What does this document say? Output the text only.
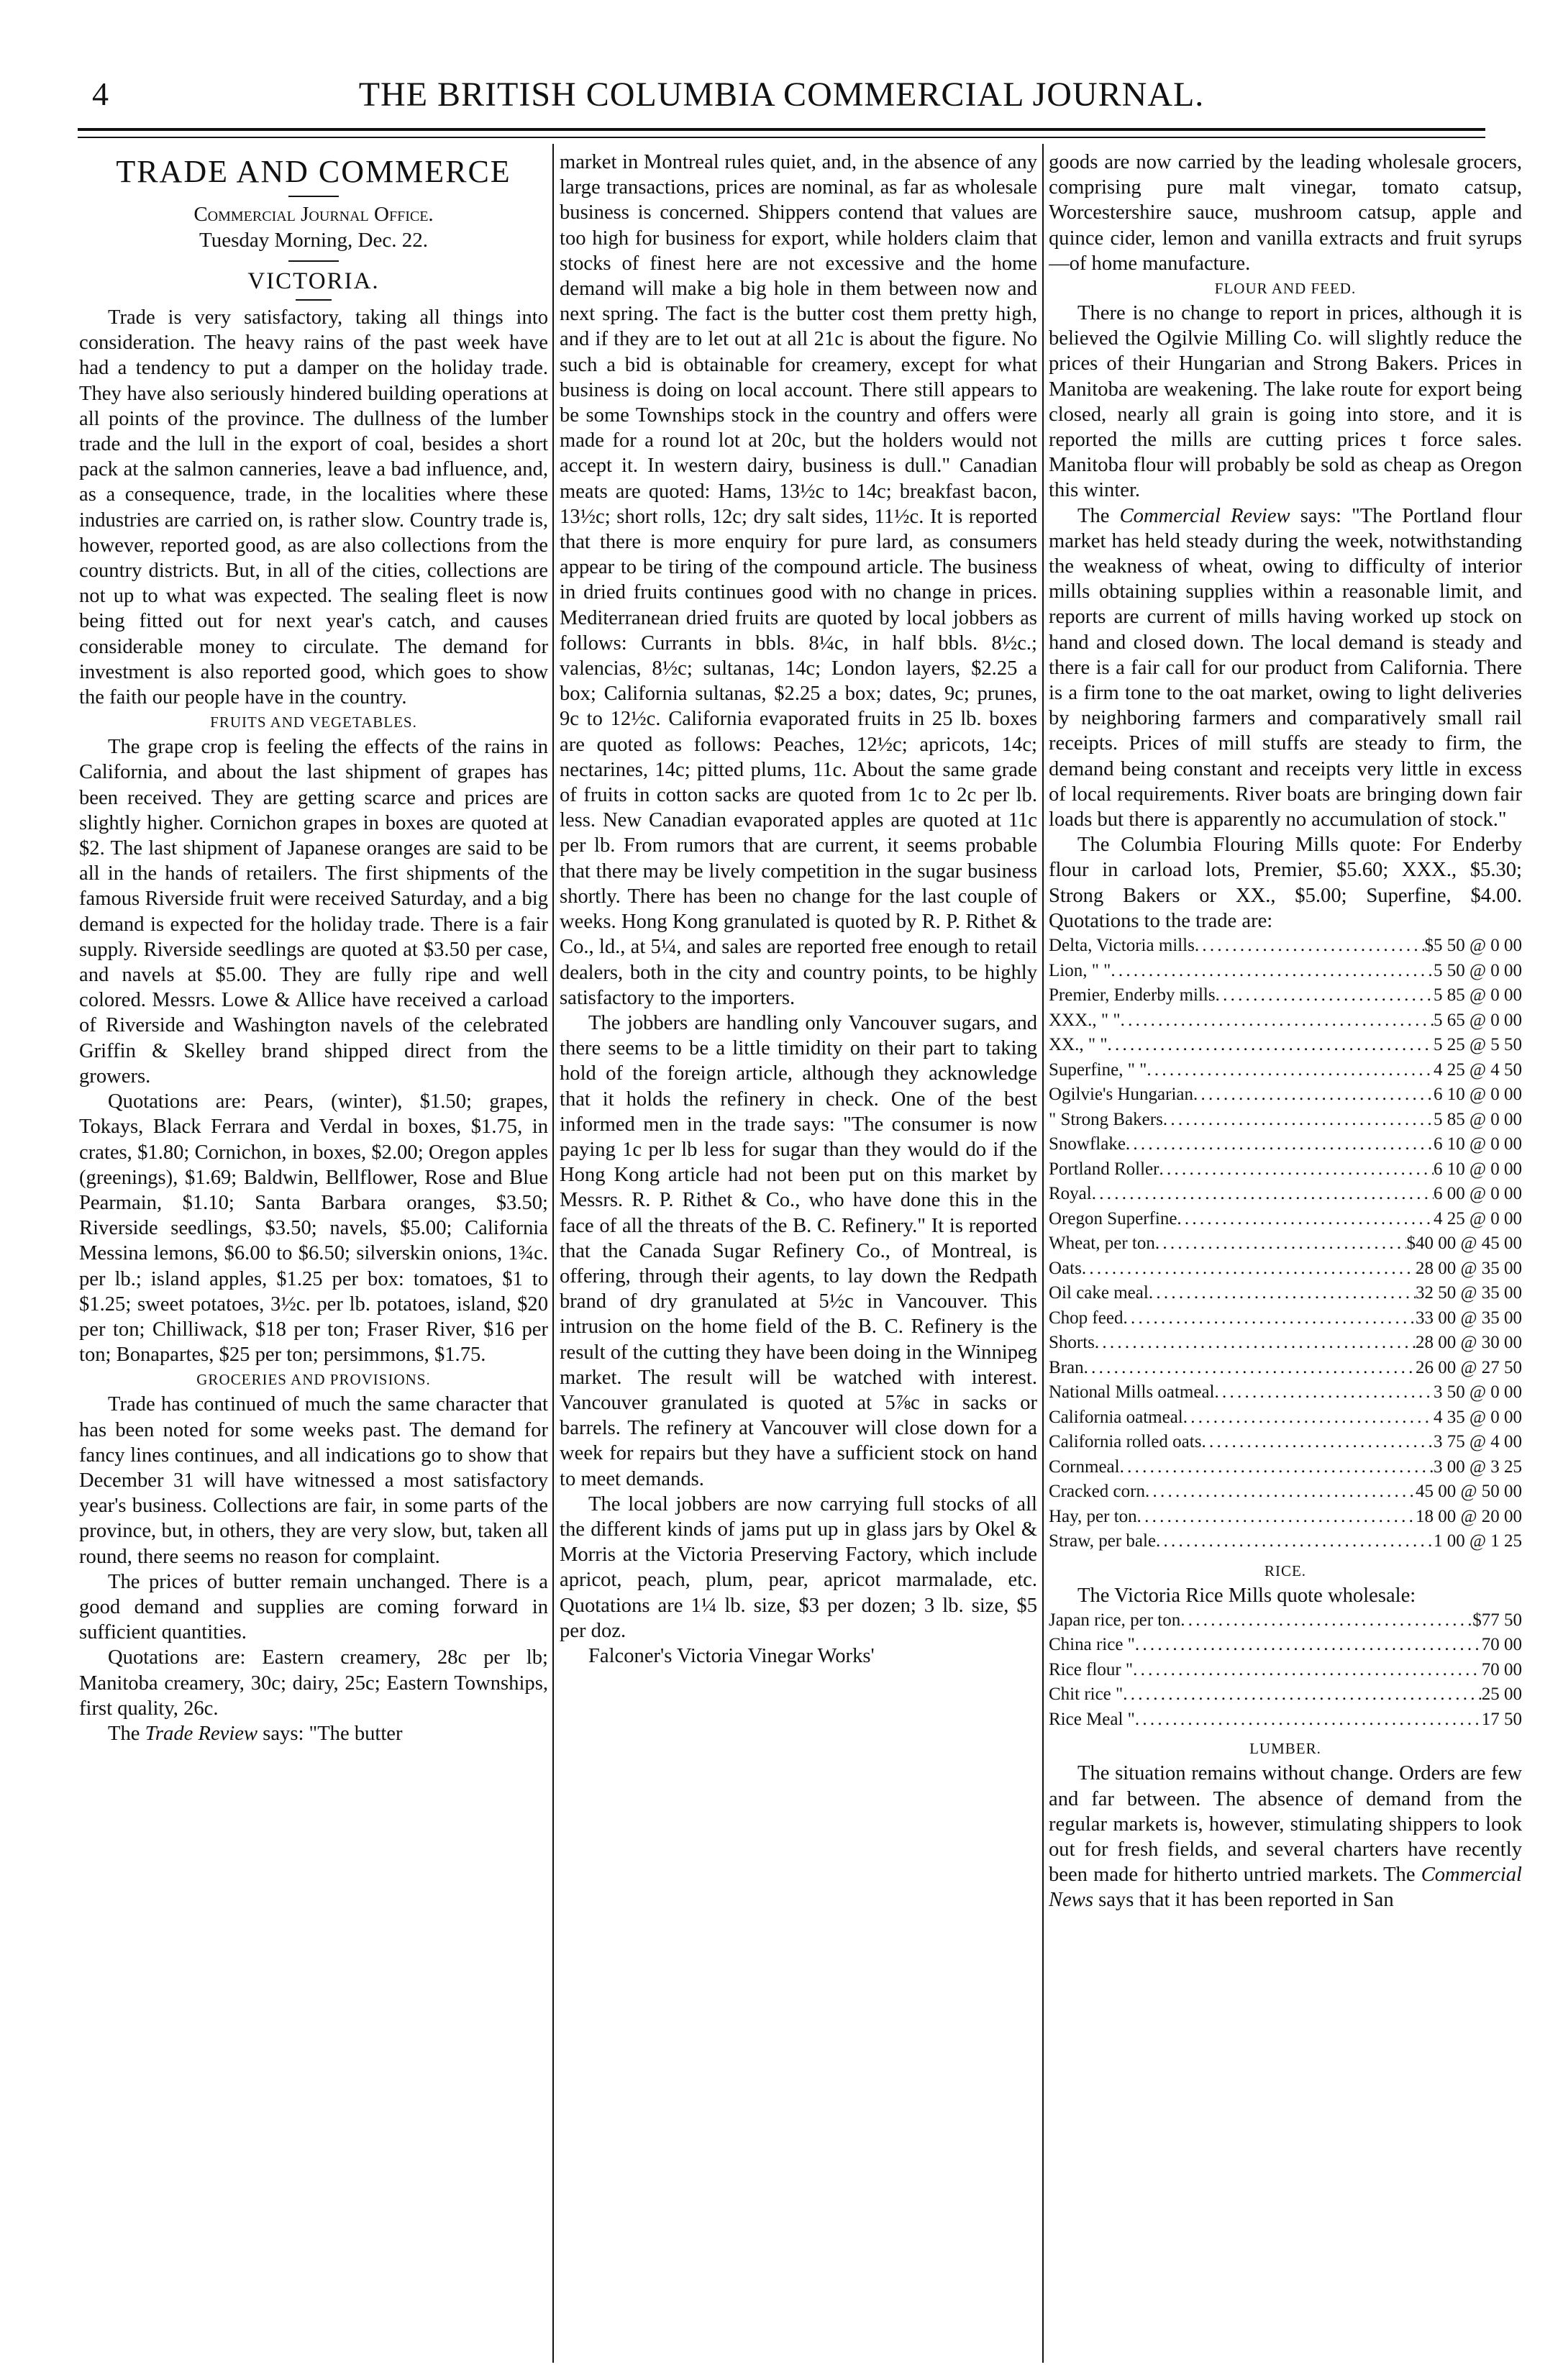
4	THE BRITISH COLUMBIA COMMERCIAL JOURNAL.
TRADE AND COMMERCE
Commercial Journal Office.
Tuesday Morning, Dec. 22.
VICTORIA.

Trade is very satisfactory, taking all things into consideration. The heavy rains of the past week have had a tendency to put a damper on the holiday trade. They have also seriously hindered building operations at all points of the province. The dullness of the lumber trade and the lull in the export of coal, besides a short pack at the salmon canneries, leave a bad influence, and, as a consequence, trade, in the localities where these industries are carried on, is rather slow. Country trade is, however, reported good, as are also collections from the country districts. But, in all of the cities, collections are not up to what was expected. The sealing fleet is now being fitted out for next year's catch, and causes considerable money to circulate. The demand for investment is also reported good, which goes to show the faith our people have in the country.

FRUITS AND VEGETABLES.

The grape crop is feeling the effects of the rains in California, and about the last shipment of grapes has been received. They are getting scarce and prices are slightly higher. Cornichon grapes in boxes are quoted at $2. The last shipment of Japanese oranges are said to be all in the hands of retailers. The first shipments of the famous Riverside fruit were received Saturday, and a big demand is expected for the holiday trade. There is a fair supply. Riverside seedlings are quoted at $3.50 per case, and navels at $5.00. They are fully ripe and well colored. Messrs. Lowe & Allice have received a carload of Riverside and Washington navels of the celebrated Griffin & Skelley brand shipped direct from the growers.

Quotations are: Pears, (winter), $1.50; grapes, Tokays, Black Ferrara and Verdal in boxes, $1.75, in crates, $1.80; Cornichon, in boxes, $2.00; Oregon apples (greenings), $1.69; Baldwin, Bellflower, Rose and Blue Pearmain, $1.10; Santa Barbara oranges, $3.50; Riverside seedlings, $3.50; navels, $5.00; California Messina lemons, $6.00 to $6.50; silverskin onions, 1¾c. per lb.; island apples, $1.25 per box: tomatoes, $1 to $1.25; sweet potatoes, 3½c. per lb. potatoes, island, $20 per ton; Chilliwack, $18 per ton; Fraser River, $16 per ton; Bonapartes, $25 per ton; persimmons, $1.75.

GROCERIES AND PROVISIONS.

Trade has continued of much the same character that has been noted for some weeks past. The demand for fancy lines continues, and all indications go to show that December 31 will have witnessed a most satisfactory year's business. Collections are fair, in some parts of the province, but, in others, they are very slow, but, taken all round, there seems no reason for complaint.

The prices of butter remain unchanged. There is a good demand and supplies are coming forward in sufficient quantities.

Quotations are: Eastern creamery, 28c per lb; Manitoba creamery, 30c; dairy, 25c; Eastern Townships, first quality, 26c.

The Trade Review says: "The butter

market in Montreal rules quiet, and, in the absence of any large transactions, prices are nominal, as far as wholesale business is concerned. Shippers contend that values are too high for business for export, while holders claim that stocks of finest here are not excessive and the home demand will make a big hole in them between now and next spring. The fact is the butter cost them pretty high, and if they are to let out at all 21c is about the figure. No such a bid is obtainable for creamery, except for what business is doing on local account. There still appears to be some Townships stock in the country and offers were made for a round lot at 20c, but the holders would not accept it. In western dairy, business is dull." Canadian meats are quoted: Hams, 13½c to 14c; breakfast bacon, 13½c; short rolls, 12c; dry salt sides, 11½c. It is reported that there is more enquiry for pure lard, as consumers appear to be tiring of the compound article. The business in dried fruits continues good with no change in prices. Mediterranean dried fruits are quoted by local jobbers as follows: Currants in bbls. 8¼c, in half bbls. 8½c.; valencias, 8½c; sultanas, 14c; London layers, $2.25 a box; California sultanas, $2.25 a box; dates, 9c; prunes, 9c to 12½c. California evaporated fruits in 25 lb. boxes are quoted as follows: Peaches, 12½c; apricots, 14c; nectarines, 14c; pitted plums, 11c. About the same grade of fruits in cotton sacks are quoted from 1c to 2c per lb. less. New Canadian evaporated apples are quoted at 11c per lb. From rumors that are current, it seems probable that there may be lively competition in the sugar business shortly. There has been no change for the last couple of weeks. Hong Kong granulated is quoted by R. P. Rithet & Co., ld., at 5¼, and sales are reported free enough to retail dealers, both in the city and country points, to be highly satisfactory to the importers.

The jobbers are handling only Vancouver sugars, and there seems to be a little timidity on their part to taking hold of the foreign article, although they acknowledge that it holds the refinery in check. One of the best informed men in the trade says: "The consumer is now paying 1c per lb less for sugar than they would do if the Hong Kong article had not been put on this market by Messrs. R. P. Rithet & Co., who have done this in the face of all the threats of the B. C. Refinery." It is reported that the Canada Sugar Refinery Co., of Montreal, is offering, through their agents, to lay down the Redpath brand of dry granulated at 5½c in Vancouver. This intrusion on the home field of the B. C. Refinery is the result of the cutting they have been doing in the Winnipeg market. The result will be watched with interest. Vancouver granulated is quoted at 5⅞c in sacks or barrels. The refinery at Vancouver will close down for a week for repairs but they have a sufficient stock on hand to meet demands.

The local jobbers are now carrying full stocks of all the different kinds of jams put up in glass jars by Okel & Morris at the Victoria Preserving Factory, which include apricot, peach, plum, pear, apricot marmalade, etc. Quotations are 1¼ lb. size, $3 per dozen; 3 lb. size, $5 per doz.

Falconer's Victoria Vinegar Works'

goods are now carried by the leading wholesale grocers, comprising pure malt vinegar, tomato catsup, Worcestershire sauce, mushroom catsup, apple and quince cider, lemon and vanilla extracts and fruit syrups—of home manufacture.

FLOUR AND FEED.

There is no change to report in prices, although it is believed the Ogilvie Milling Co. will slightly reduce the prices of their Hungarian and Strong Bakers. Prices in Manitoba are weakening. The lake route for export being closed, nearly all grain is going into store, and it is reported the mills are cutting prices t force sales. Manitoba flour will probably be sold as cheap as Oregon this winter.

The Commercial Review says: "The Portland flour market has held steady during the week, notwithstanding the weakness of wheat, owing to difficulty of interior mills obtaining supplies within a reasonable limit, and reports are current of mills having worked up stock on hand and closed down. The local demand is steady and there is a fair call for our product from California. There is a firm tone to the oat market, owing to light deliveries by neighboring farmers and comparatively small rail receipts. Prices of mill stuffs are steady to firm, the demand being constant and receipts very little in excess of local requirements. River boats are bringing down fair loads but there is apparently no accumulation of stock."

The Columbia Flouring Mills quote: For Enderby flour in carload lots, Premier, $5.60; XXX., $5.30; Strong Bakers or XX., $5.00; Superfine, $4.00. Quotations to the trade are:

Delta, Victoria mills . . .	$5 50 @ 0 00
Lion, " " . . .	5 50 @ 0 00
Premier, Enderby mills . . .	5 85 @ 0 00
XXX., " " . . .	5 65 @ 0 00
XX., " " . . .	5 25 @ 5 50
Superfine, " " . . .	4 25 @ 4 50
Ogilvie's Hungarian . . .	6 10 @ 0 00
" Strong Bakers . . .	5 85 @ 0 00
Snowflake . . .	6 10 @ 0 00
Portland Roller . . .	6 10 @ 0 00
Royal . . .	6 00 @ 0 00
Oregon Superfine . . .	4 25 @ 0 00
Wheat, per ton . . .	$40 00 @ 45 00
Oats . . .	28 00 @ 35 00
Oil cake meal . . .	32 50 @ 35 00
Chop feed . . .	33 00 @ 35 00
Shorts . . .	28 00 @ 30 00
Bran . . .	26 00 @ 27 50
National Mills oatmeal . . .	3 50 @ 0 00
California oatmeal . . .	4 35 @ 0 00
California rolled oats . . .	3 75 @ 4 00
Cornmeal . . .	3 00 @ 3 25
Cracked corn . . .	45 00 @ 50 00
Hay, per ton . . .	18 00 @ 20 00
Straw, per bale . . .	1 00 @ 1 25
RICE.

The Victoria Rice Mills quote wholesale:

Japan rice, per ton . . .	$77 50
China rice " . . .	70 00
Rice flour " . . .	70 00
Chit rice " . . .	25 00
Rice Meal " . . .	17 50
LUMBER.

The situation remains without change. Orders are few and far between. The absence of demand from the regular markets is, however, stimulating shippers to look out for fresh fields, and several charters have recently been made for hitherto untried markets. The Commercial News says that it has been reported in San
